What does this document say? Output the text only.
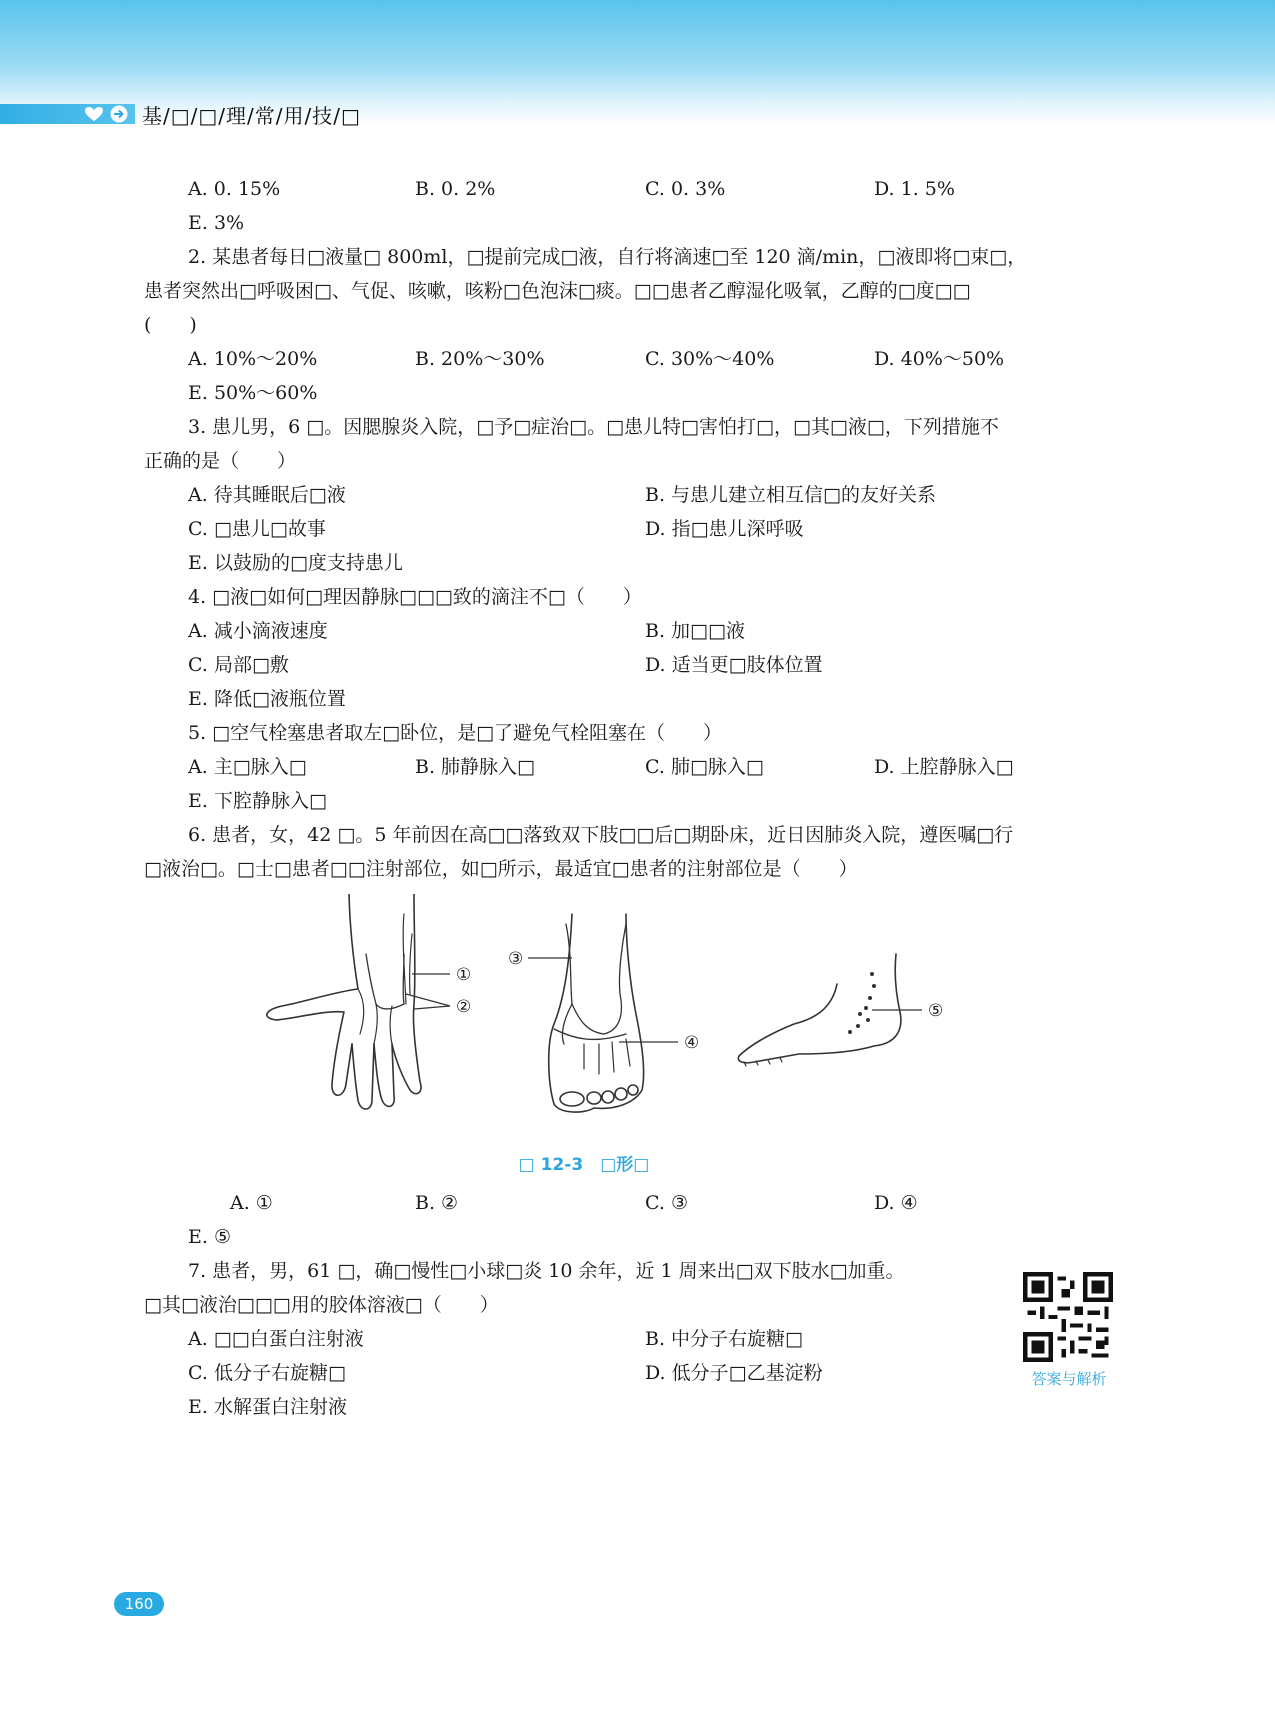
基/□/□/理/常/用/技/□
A. 0. 15%	B. 0. 2%	C. 0. 3%	D. 1. 5%
E. 3%
2. 某患者每日□液量□ 800ml，□提前完成□液，自行将滴速□至 120 滴/min，□液即将□束□，
患者突然出□呼吸困□、气促、咳嗽，咳粉□色泡沫□痰。□□患者乙醇湿化吸氧，乙醇的□度□□
(　　)
A. 10%～20%	B. 20%～30%	C. 30%～40%	D. 40%～50%
E. 50%～60%
3. 患儿男，6 □。因腮腺炎入院，□予□症治□。□患儿特□害怕打□，□其□液□，下列措施不
正确的是（　　）
A. 待其睡眠后□液	B. 与患儿建立相互信□的友好关系
C. □患儿□故事	D. 指□患儿深呼吸
E. 以鼓励的□度支持患儿
4. □液□如何□理因静脉□□□致的滴注不□（　　）
A. 减小滴液速度	B. 加□□液
C. 局部□敷	D. 适当更□肢体位置
E. 降低□液瓶位置
5. □空气栓塞患者取左□卧位，是□了避免气栓阻塞在（　　）
A. 主□脉入□	B. 肺静脉入□	C. 肺□脉入□	D. 上腔静脉入□
E. 下腔静脉入□
6. 患者，女，42 □。5 年前因在高□□落致双下肢□□后□期卧床，近日因肺炎入院，遵医嘱□行
□液治□。□士□患者□□注射部位，如□所示，最适宜□患者的注射部位是（　　）
①
②
③
④
⑤
□ 12-3　□形□
A. ①	B. ②	C. ③	D. ④
E. ⑤
7. 患者，男，61 □，确□慢性□小球□炎 10 余年，近 1 周来出□双下肢水□加重。
□其□液治□□□用的胶体溶液□（　　）
A. □□白蛋白注射液	B. 中分子右旋糖□
C. 低分子右旋糖□	D. 低分子□乙基淀粉
E. 水解蛋白注射液
答案与解析
160
